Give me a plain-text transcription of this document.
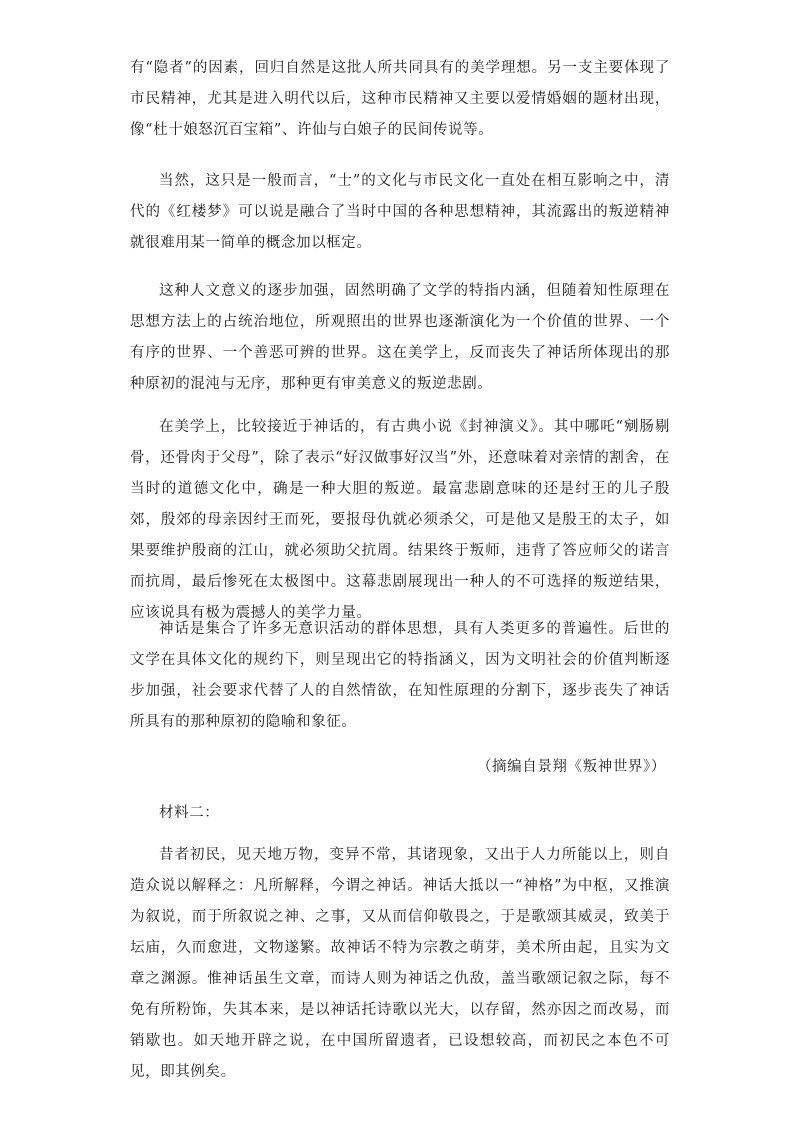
有“隐者”的因素，回归自然是这批人所共同具有的美学理想。另一支主要体现了市民精神，尤其是进入明代以后，这种市民精神又主要以爱情婚姻的题材出现，像“杜十娘怒沉百宝箱”、许仙与白娘子的民间传说等。

当然，这只是一般而言，“士”的文化与市民文化一直处在相互影响之中，清代的《红楼梦》可以说是融合了当时中国的各种思想精神，其流露出的叛逆精神就很难用某一简单的概念加以框定。

这种人文意义的逐步加强，固然明确了文学的特指内涵，但随着知性原理在思想方法上的占统治地位，所观照出的世界也逐渐演化为一个价值的世界、一个有序的世界、一个善恶可辨的世界。这在美学上，反而丧失了神话所体现出的那种原初的混沌与无序，那种更有审美意义的叛逆悲剧。

在美学上，比较接近于神话的，有古典小说《封神演义》。其中哪吒“剜肠剔骨，还骨肉于父母”，除了表示“好汉做事好汉当”外，还意味着对亲情的割舍，在当时的道德文化中，确是一种大胆的叛逆。最富悲剧意味的还是纣王的儿子殷郊，殷郊的母亲因纣王而死，要报母仇就必须杀父，可是他又是殷王的太子，如果要维护殷商的江山，就必须助父抗周。结果终于叛师，违背了答应师父的诺言而抗周，最后惨死在太极图中。这幕悲剧展现出一种人的不可选择的叛逆结果，应该说具有极为震撼人的美学力量。

神话是集合了许多无意识活动的群体思想，具有人类更多的普遍性。后世的文学在具体文化的规约下，则呈现出它的特指涵义，因为文明社会的价值判断逐步加强，社会要求代替了人的自然情欲，在知性原理的分割下，逐步丧失了神话所具有的那种原初的隐喻和象征。

（摘编自景翔《叛神世界》）

材料二：

昔者初民，见天地万物，变异不常，其诸现象，又出于人力所能以上，则自造众说以解释之：凡所解释，今谓之神话。神话大抵以一“神格”为中枢，又推演为叙说，而于所叙说之神、之事，又从而信仰敬畏之，于是歌颂其威灵，致美于坛庙，久而愈进，文物遂繁。故神话不特为宗教之萌芽，美术所由起，且实为文章之渊源。惟神话虽生文章，而诗人则为神话之仇敌，盖当歌颂记叙之际，每不免有所粉饰，失其本来，是以神话托诗歌以光大，以存留，然亦因之而改易，而销歇也。如天地开辟之说，在中国所留遗者，已设想较高，而初民之本色不可见，即其例矣。
